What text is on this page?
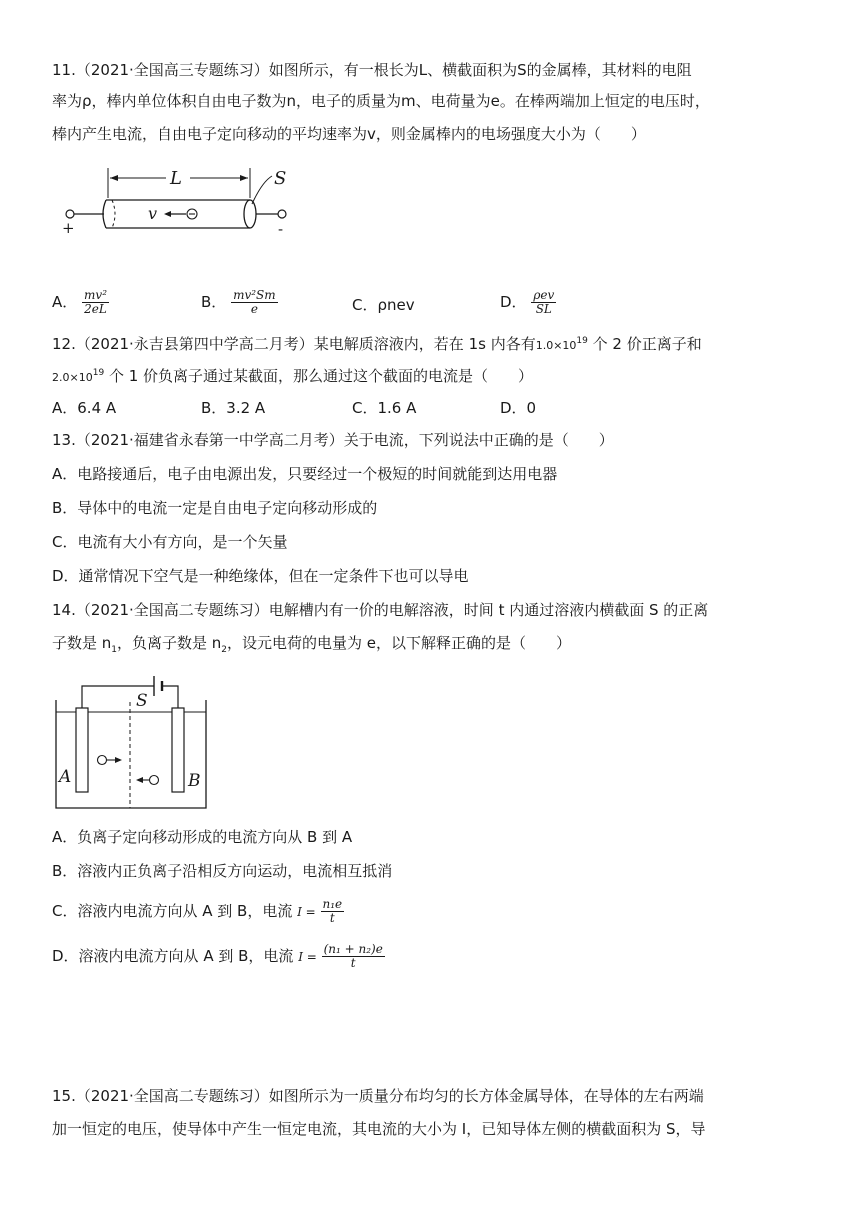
11.（2021·全国高三专题练习）如图所示，有一根长为L、横截面积为S的金属棒，其材料的电阻
率为ρ，棒内单位体积自由电子数为n，电子的质量为m、电荷量为e。在棒两端加上恒定的电压时，
棒内产生电流，自由电子定向移动的平均速率为v，则金属棒内的电场强度大小为（　　）
+
L	S
v
-
A． $\frac{\text{mv²}}{2eL}$	B． $\frac{\text{mv²Sm}}{e}$	C．ρnev	D． $\frac{\text{ρev}}{SL}$
12.（2021·永吉县第四中学高二月考）某电解质溶液内，若在 1s 内各有$1.0\times 10^{19}$ 个 2 价正离子和
$2.0\times 10^{19}$ 个 1 价负离子通过某截面，那么通过这个截面的电流是（　　）
A．6.4 A	B．3.2 A	C．1.6 A	D．0
13.（2021·福建省永春第一中学高二月考）关于电流，下列说法中正确的是（　　）
A．电路接通后，电子由电源出发，只要经过一个极短的时间就能到达用电器
B．导体中的电流一定是自由电子定向移动形成的
C．电流有大小有方向，是一个矢量
D．通常情况下空气是一种绝缘体，但在一定条件下也可以导电
14.（2021·全国高二专题练习）电解槽内有一价的电解溶液，时间 t 内通过溶液内横截面 S 的正离
子数是 $n_1$，负离子数是 $n_2$，设元电荷的电量为 e，以下解释正确的是（　　）
S
A	B
A．负离子定向移动形成的电流方向从 B 到 A
B．溶液内正负离子沿相反方向运动，电流相互抵消
C．溶液内电流方向从 A 到 B，电流 $I = \frac{\text{n₁e}}{t}$
D．溶液内电流方向从 A 到 B，电流 $I = \frac{\text{(n₁ + n₂)e}}{t}$
15.（2021·全国高二专题练习）如图所示为一质量分布均匀的长方体金属导体，在导体的左右两端
加一恒定的电压，使导体中产生一恒定电流，其电流的大小为 I，已知导体左侧的横截面积为 S，导
